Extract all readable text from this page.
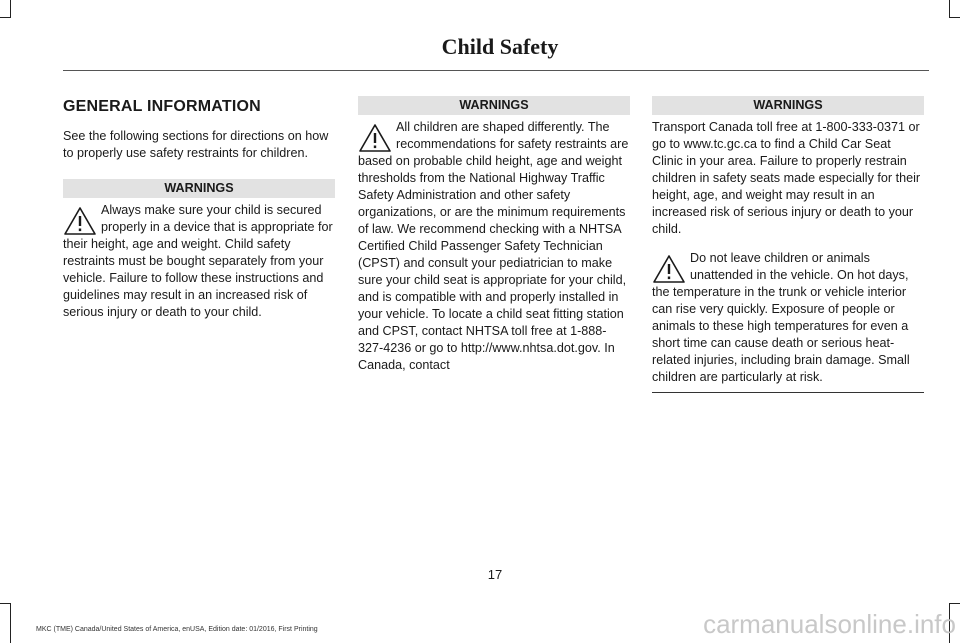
Child Safety
GENERAL INFORMATION

See the following sections for directions on how to properly use safety restraints for children.

WARNINGS

Always make sure your child is secured properly in a device that is appropriate for their height, age and weight. Child safety restraints must be bought separately from your vehicle. Failure to follow these instructions and guidelines may result in an increased risk of serious injury or death to your child.

WARNINGS

All children are shaped differently. The recommendations for safety restraints are based on probable child height, age and weight thresholds from the National Highway Traffic Safety Administration and other safety organizations, or are the minimum requirements of law. We recommend checking with a NHTSA Certified Child Passenger Safety Technician (CPST) and consult your pediatrician to make sure your child seat is appropriate for your child, and is compatible with and properly installed in your vehicle. To locate a child seat fitting station and CPST, contact NHTSA toll free at 1-888-327-4236 or go to http://www.nhtsa.dot.gov. In Canada, contact

WARNINGS

Transport Canada toll free at 1-800-333-0371 or go to www.tc.gc.ca to find a Child Car Seat Clinic in your area. Failure to properly restrain children in safety seats made especially for their height, age, and weight may result in an increased risk of serious injury or death to your child.

Do not leave children or animals unattended in the vehicle. On hot days, the temperature in the trunk or vehicle interior can rise very quickly. Exposure of people or animals to these high temperatures for even a short time can cause death or serious heat-related injuries, including brain damage. Small children are particularly at risk.

17
MKC (TME) Canada/United States of America, enUSA, Edition date: 01/2016, First Printing	carmanualsonline.info
